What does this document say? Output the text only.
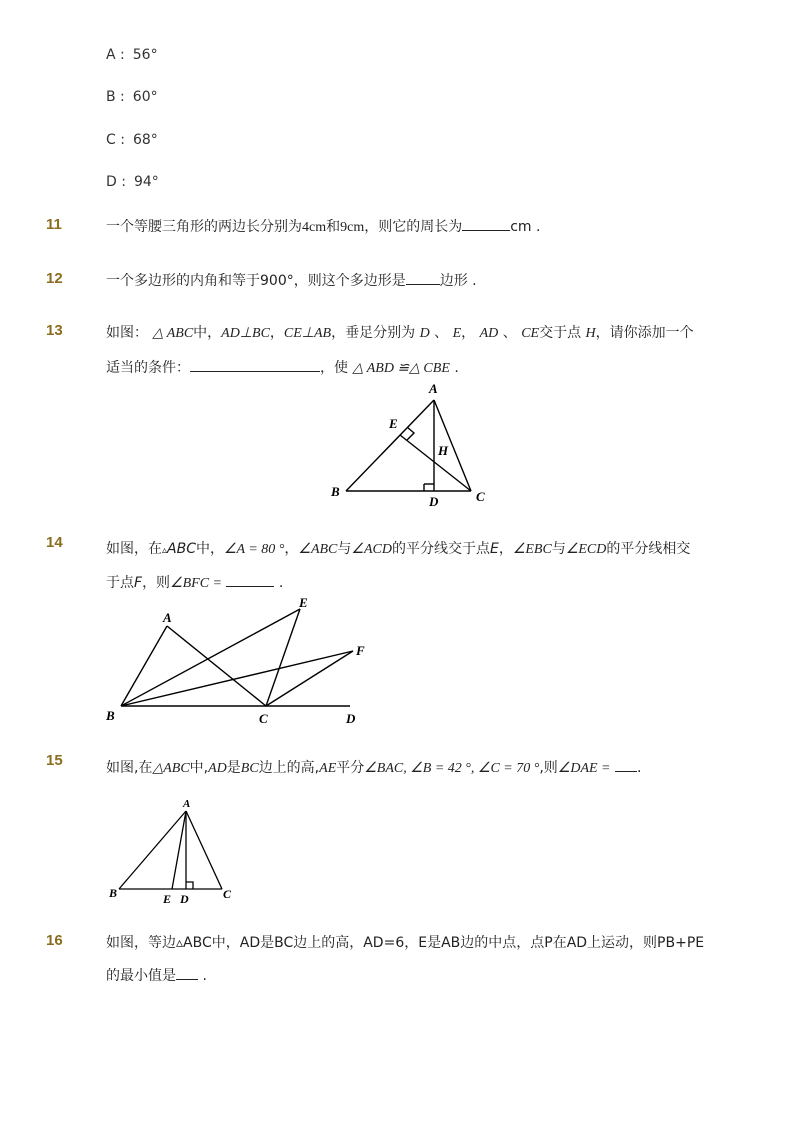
A : 56°
B : 60°
C : 68°
D : 94°
11	一个等腰三角形的两边长分别为4cm和9cm，则它的周长为	cm .
12	一个多边形的内角和等于900°，则这个多边形是 边形 .
13	如图： △ ABC中，AD⊥BC，CE⊥AB，垂足分别为 D 、 E， AD 、 CE交于点 H，请你添加一个
适当的条件：	，使 △ ABD ≌△ CBE .
A
B	C
D
E
H
14	如图，在▵ABC中，∠A = 80 °，∠ABC与∠ACD的平分线交于点E，∠EBC与∠ECD的平分线相交
于点F，则∠BFC =	.
A
B	C	D
E
F
15	如图,在△ABC中,AD是BC边上的高,AE平分∠BAC, ∠B = 42 °, ∠C = 70 °,则∠DAE = .
A
B	C
D
E
16	如图，等边▵ABC中，AD是BC边上的高，AD=6，E是AB边的中点，点P在AD上运动，则PB+PE
的最小值是 .
